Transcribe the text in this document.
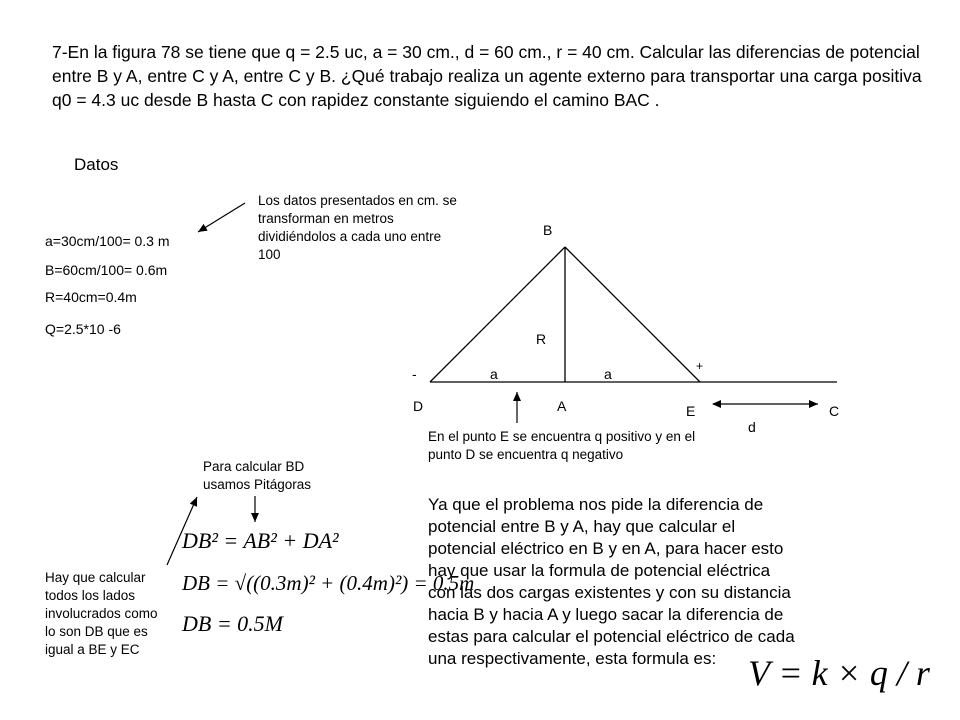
7-En la figura 78 se tiene que q = 2.5 uc, a = 30 cm., d = 60 cm., r = 40 cm. Calcular las diferencias de potencial entre B y A, entre C y A, entre C y B. ¿Qué trabajo realiza un agente externo para transportar una carga positiva q0 = 4.3 uc desde B hasta C con rapidez constante siguiendo el camino BAC .
Datos
a=30cm/100= 0.3 m
B=60cm/100= 0.6m
R=40cm=0.4m
Q=2.5*10 -6
Los datos presentados en cm. se transforman en metros dividiéndolos a cada uno entre 100
B
R
-	a	a	+
D	A	E	C
d
En el punto E se encuentra q positivo y en el punto D se encuentra q negativo
Para calcular BD usamos Pitágoras
DB² = AB² + DA²
DB = √((0.3m)² + (0.4m)²) = 0.5m
DB = 0.5M
Hay que calcular todos los lados involucrados como lo son DB que es igual a BE y EC
Ya que el problema nos pide la diferencia de potencial entre B y A, hay que calcular el potencial eléctrico en B y en A, para hacer esto hay que usar la formula de potencial eléctrica con las dos cargas existentes y con su distancia hacia B y hacia A y luego sacar la diferencia de estas para calcular el potencial eléctrico de cada una respectivamente, esta formula es: V = k × q / r
